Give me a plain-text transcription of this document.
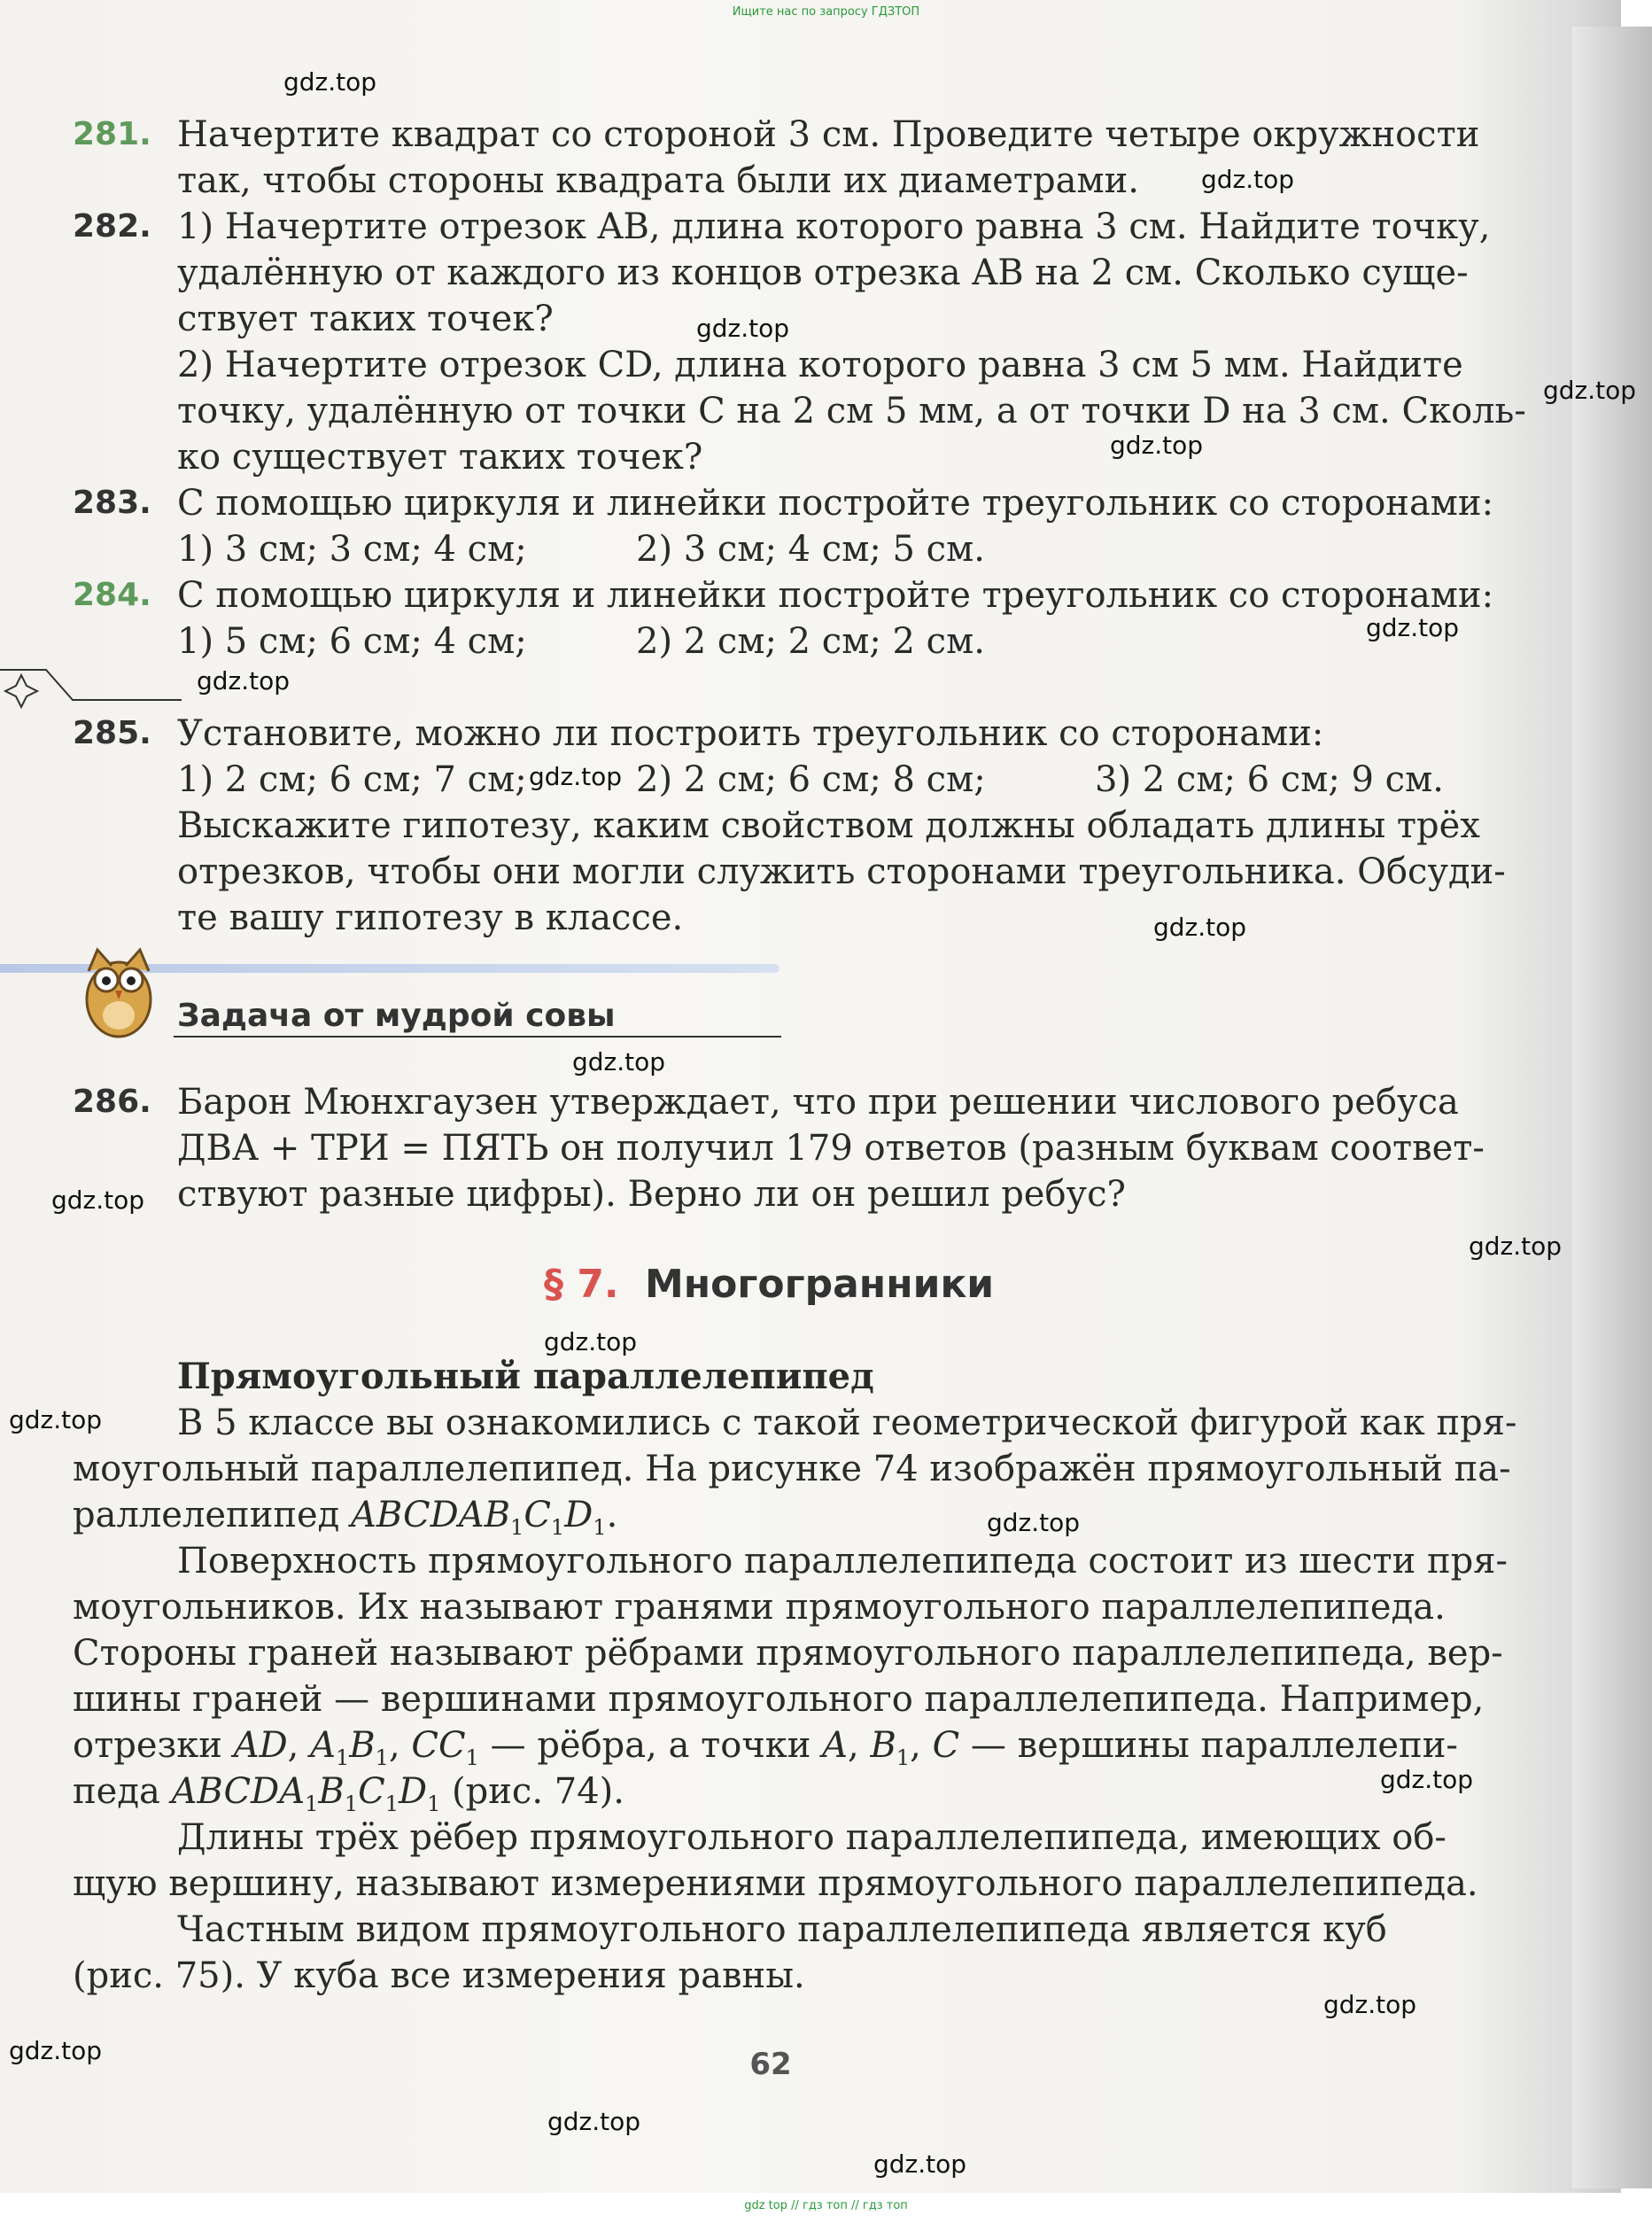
Ищите нас по запросу ГДЗТОП
gdz.top
gdz.top
gdz.top
gdz.top
gdz.top
gdz.top
gdz.top
gdz.top
gdz.top
gdz.top
gdz.top
gdz.top
gdz.top
gdz.top
gdz.top
gdz.top
gdz.top
gdz.top
gdz.top
gdz.top
281. Начертите квадрат со стороной 3 см. Проведите четыре окружности
так, чтобы стороны квадрата были их диаметрами.
282. 1) Начертите отрезок AB, длина которого равна 3 см. Найдите точку,
удалённую от каждого из концов отрезка AB на 2 см. Сколько суще-
ствует таких точек?
2) Начертите отрезок CD, длина которого равна 3 см 5 мм. Найдите
точку, удалённую от точки C на 2 см 5 мм, а от точки D на 3 см. Сколь-
ко существует таких точек?
283. С помощью циркуля и линейки постройте треугольник со сторонами:
1) 3 см; 3 см; 4 см;	2) 3 см; 4 см; 5 см.
284. С помощью циркуля и линейки постройте треугольник со сторонами:
1) 5 см; 6 см; 4 см;	2) 2 см; 2 см; 2 см.
285. Установите, можно ли построить треугольник со сторонами:
1) 2 см; 6 см; 7 см;	2) 2 см; 6 см; 8 см;	3) 2 см; 6 см; 9 см.
Выскажите гипотезу, каким свойством должны обладать длины трёх
отрезков, чтобы они могли служить сторонами треугольника. Обсуди-
те вашу гипотезу в классе.
Задача от мудрой совы
286. Барон Мюнхгаузен утверждает, что при решении числового ребуса
ДВА + ТРИ = ПЯТЬ он получил 179 ответов (разным буквам соответ-
ствуют разные цифры). Верно ли он решил ребус?
§ 7. Многогранники
Прямоугольный параллелепипед
В 5 классе вы ознакомились с такой геометрической фигурой как пря-
моугольный параллелепипед. На рисунке 74 изображён прямоугольный па-
раллелепипед $ABCDAB_1C_1D_1$.
Поверхность прямоугольного параллелепипеда состоит из шести пря-
моугольников. Их называют гранями прямоугольного параллелепипеда.
Стороны граней называют рёбрами прямоугольного параллелепипеда, вер-
шины граней — вершинами прямоугольного параллелепипеда. Например,
отрезки AD, $A_1B_1$, $CC_1$ — рёбра, а точки A, $B_1$, C — вершины параллелепи-
педа $ABCDA_1B_1C_1D_1$ (рис. 74).
Длины трёх рёбер прямоугольного параллелепипеда, имеющих об-
щую вершину, называют измерениями прямоугольного параллелепипеда.
Частным видом прямоугольного параллелепипеда является куб
(рис. 75). У куба все измерения равны.
62
gdz top // гдз топ // гдз топ
